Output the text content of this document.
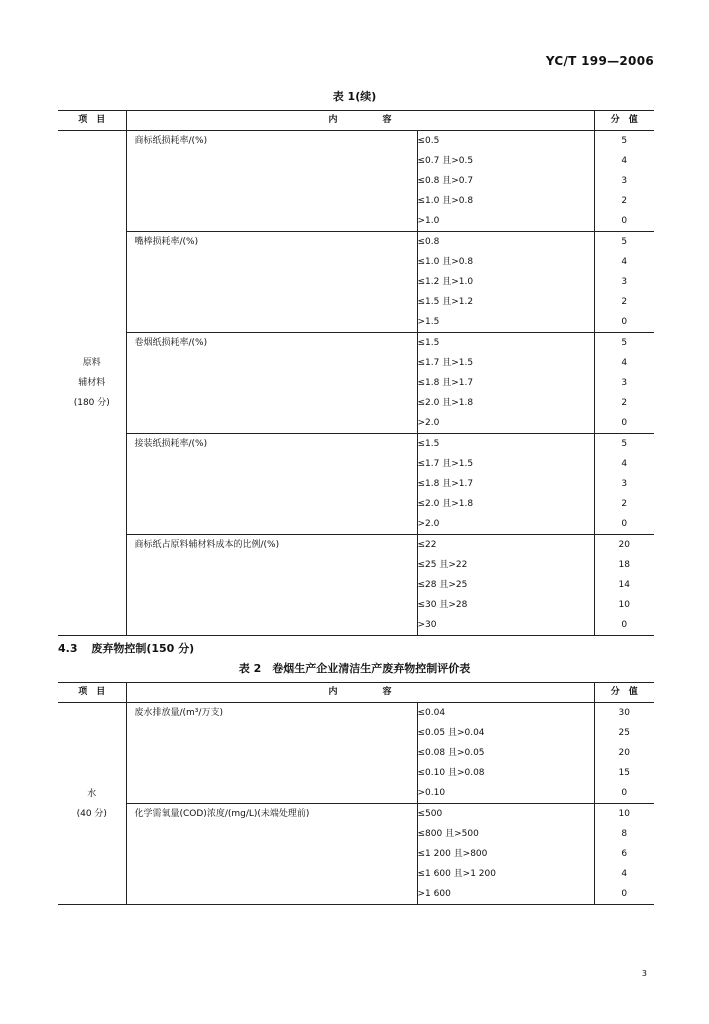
YC/T 199—2006
表 1(续)
项　目	内　　　　　容		分　值

原料
辅材料
(180 分)	商标纸损耗率/(%)	≤0.5	5
		≤0.7 且>0.5	4
		≤0.8 且>0.7	3
		≤1.0 且>0.8	2
		>1.0	0
	嘴棒损耗率/(%)	≤0.8	5
		≤1.0 且>0.8	4
		≤1.2 且>1.0	3
		≤1.5 且>1.2	2
		>1.5	0
	卷烟纸损耗率/(%)	≤1.5	5
		≤1.7 且>1.5	4
		≤1.8 且>1.7	3
		≤2.0 且>1.8	2
		>2.0	0
	接装纸损耗率/(%)	≤1.5	5
		≤1.7 且>1.5	4
		≤1.8 且>1.7	3
		≤2.0 且>1.8	2
		>2.0	0
	商标纸占原料辅材料成本的比例/(%)	≤22	20
		≤25 且>22	18
		≤28 且>25	14
		≤30 且>28	10
		>30	0
4.3 废弃物控制(150 分)
表 2　卷烟生产企业清洁生产废弃物控制评价表
项　目	内　　　　　容		分　值

水
(40 分)	废水排放量/(m³/万支)	≤0.04	30
		≤0.05 且>0.04	25
		≤0.08 且>0.05	20
		≤0.10 且>0.08	15
		>0.10	0
	化学需氧量(COD)浓度/(mg/L)(未端处理前)	≤500	10
		≤800 且>500	8
		≤1 200 且>800	6
		≤1 600 且>1 200	4
		>1 600	0
3
